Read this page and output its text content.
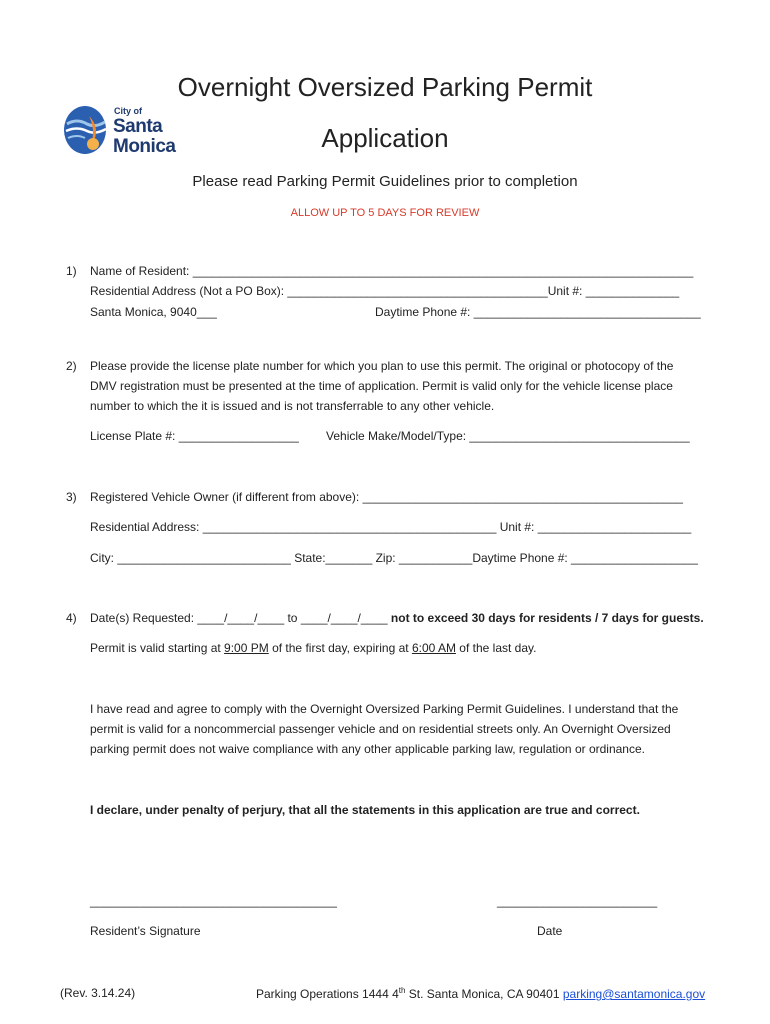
City of
Santa
Monica
Overnight Oversized Parking Permit
Application
Please read Parking Permit Guidelines prior to completion
ALLOW UP TO 5 DAYS FOR REVIEW
1) Name of Resident: ___________________________________________________________________________
Residential Address (Not a PO Box): _______________________________________Unit #: ______________
Santa Monica, 9040___	Daytime Phone #: __________________________________
2) Please provide the license plate number for which you plan to use this permit. The original or photocopy of the
DMV registration must be presented at the time of application. Permit is valid only for the vehicle license place
number to which the it is issued and is not transferrable to any other vehicle.
License Plate #: __________________ Vehicle Make/Model/Type: _________________________________
3) Registered Vehicle Owner (if different from above): ________________________________________________
Residential Address: ____________________________________________ Unit #: _______________________
City: __________________________ State:_______ Zip: ___________Daytime Phone #: ___________________
4) Date(s) Requested: ____/____/____ to ____/____/____ not to exceed 30 days for residents / 7 days for guests.
Permit is valid starting at 9:00 PM of the first day, expiring at 6:00 AM of the last day.
I have read and agree to comply with the Overnight Oversized Parking Permit Guidelines. I understand that the
permit is valid for a noncommercial passenger vehicle and on residential streets only. An Overnight Oversized
parking permit does not waive compliance with any other applicable parking law, regulation or ordinance.
I declare, under penalty of perjury, that all the statements in this application are true and correct.
_____________________________________	________________________
Resident’s Signature	Date
(Rev. 3.14.24)	Parking Operations 1444 4th St. Santa Monica, CA 90401 parking@santamonica.gov
